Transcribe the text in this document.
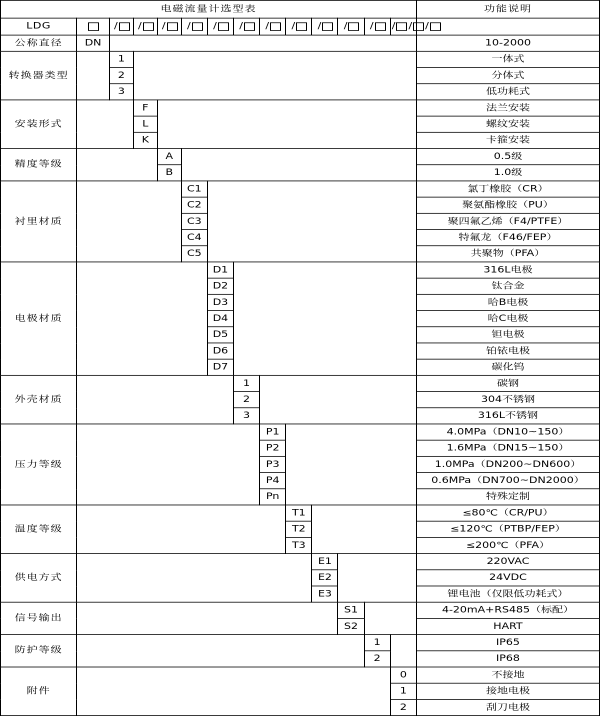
电磁流量计选型表														功能说明
LDG		/	/	/	/	/	/	/	/	/	/	/	/ / /	
公称直径	DN													10-2000
转换器类型		1												一体式
		2												分体式
		3												低功耗式
安装形式			F											法兰安装
			L											螺纹安装
			K											卡箍安装
精度等级				A										0.5级
				B										1.0级
衬里材质					C1									氯丁橡胶（CR）
					C2									聚氨酯橡胶（PU）
					C3									聚四氟乙烯（F4/PTFE）
					C4									特氟龙（F46/FEP）
					C5									共聚物（PFA）
电极材质						D1								316L电极
						D2								钛合金
						D3								哈B电极
						D4								哈C电极
						D5								钽电极
						D6								铂铱电极
						D7								碳化钨
外壳材质							1							碳钢
							2							304不锈钢
							3							316L不锈钢
压力等级								P1						4.0MPa（DN10~150）
								P2						1.6MPa（DN15~150）
								P3						1.0MPa（DN200~DN600）
								P4						0.6MPa（DN700~DN2000）
								Pn						特殊定制
温度等级									T1					≤80℃（CR/PU）
									T2					≤120℃（PTBP/FEP）
									T3					≤200℃（PFA）
供电方式										E1				220VAC
										E2				24VDC
										E3				锂电池（仅限低功耗式）
信号输出											S1			4-20mA+RS485（标配）
											S2			HART
防护等级												1		IP65
												2		IP68
附件													0	不接地
													1	接地电极
													2	刮刀电极
